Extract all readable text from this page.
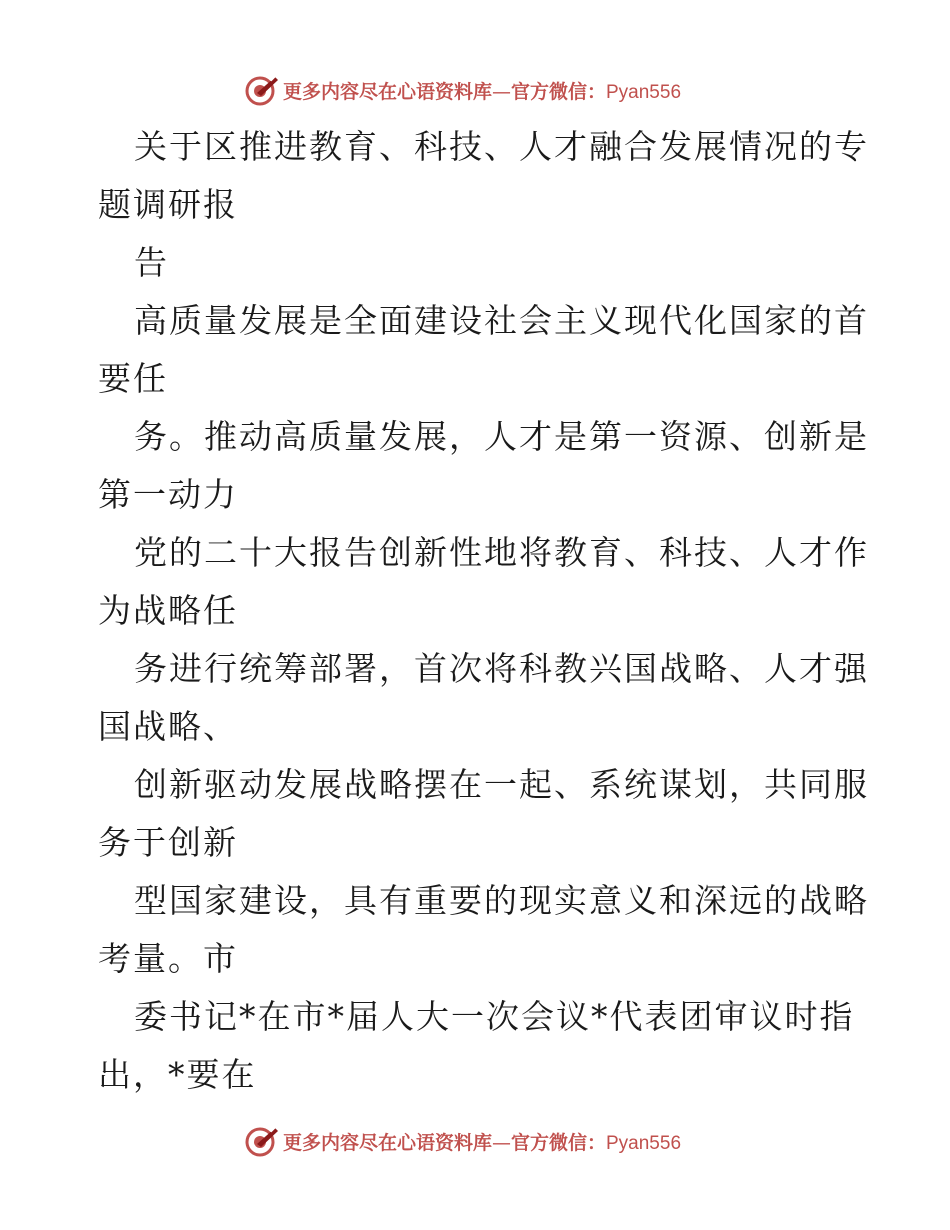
更多内容尽在心语资料库—官方微信：Pyan556
关于区推进教育、科技、人才融合发展情况的专
题调研报
告
高质量发展是全面建设社会主义现代化国家的首
要任
务。推动高质量发展，人才是第一资源、创新是
第一动力
党的二十大报告创新性地将教育、科技、人才作
为战略任
务进行统筹部署，首次将科教兴国战略、人才强
国战略、
创新驱动发展战略摆在一起、系统谋划，共同服
务于创新
型国家建设，具有重要的现实意义和深远的战略
考量。市
委书记*在市*届人大一次会议*代表团审议时指
出，*要在
更多内容尽在心语资料库—官方微信：Pyan556
